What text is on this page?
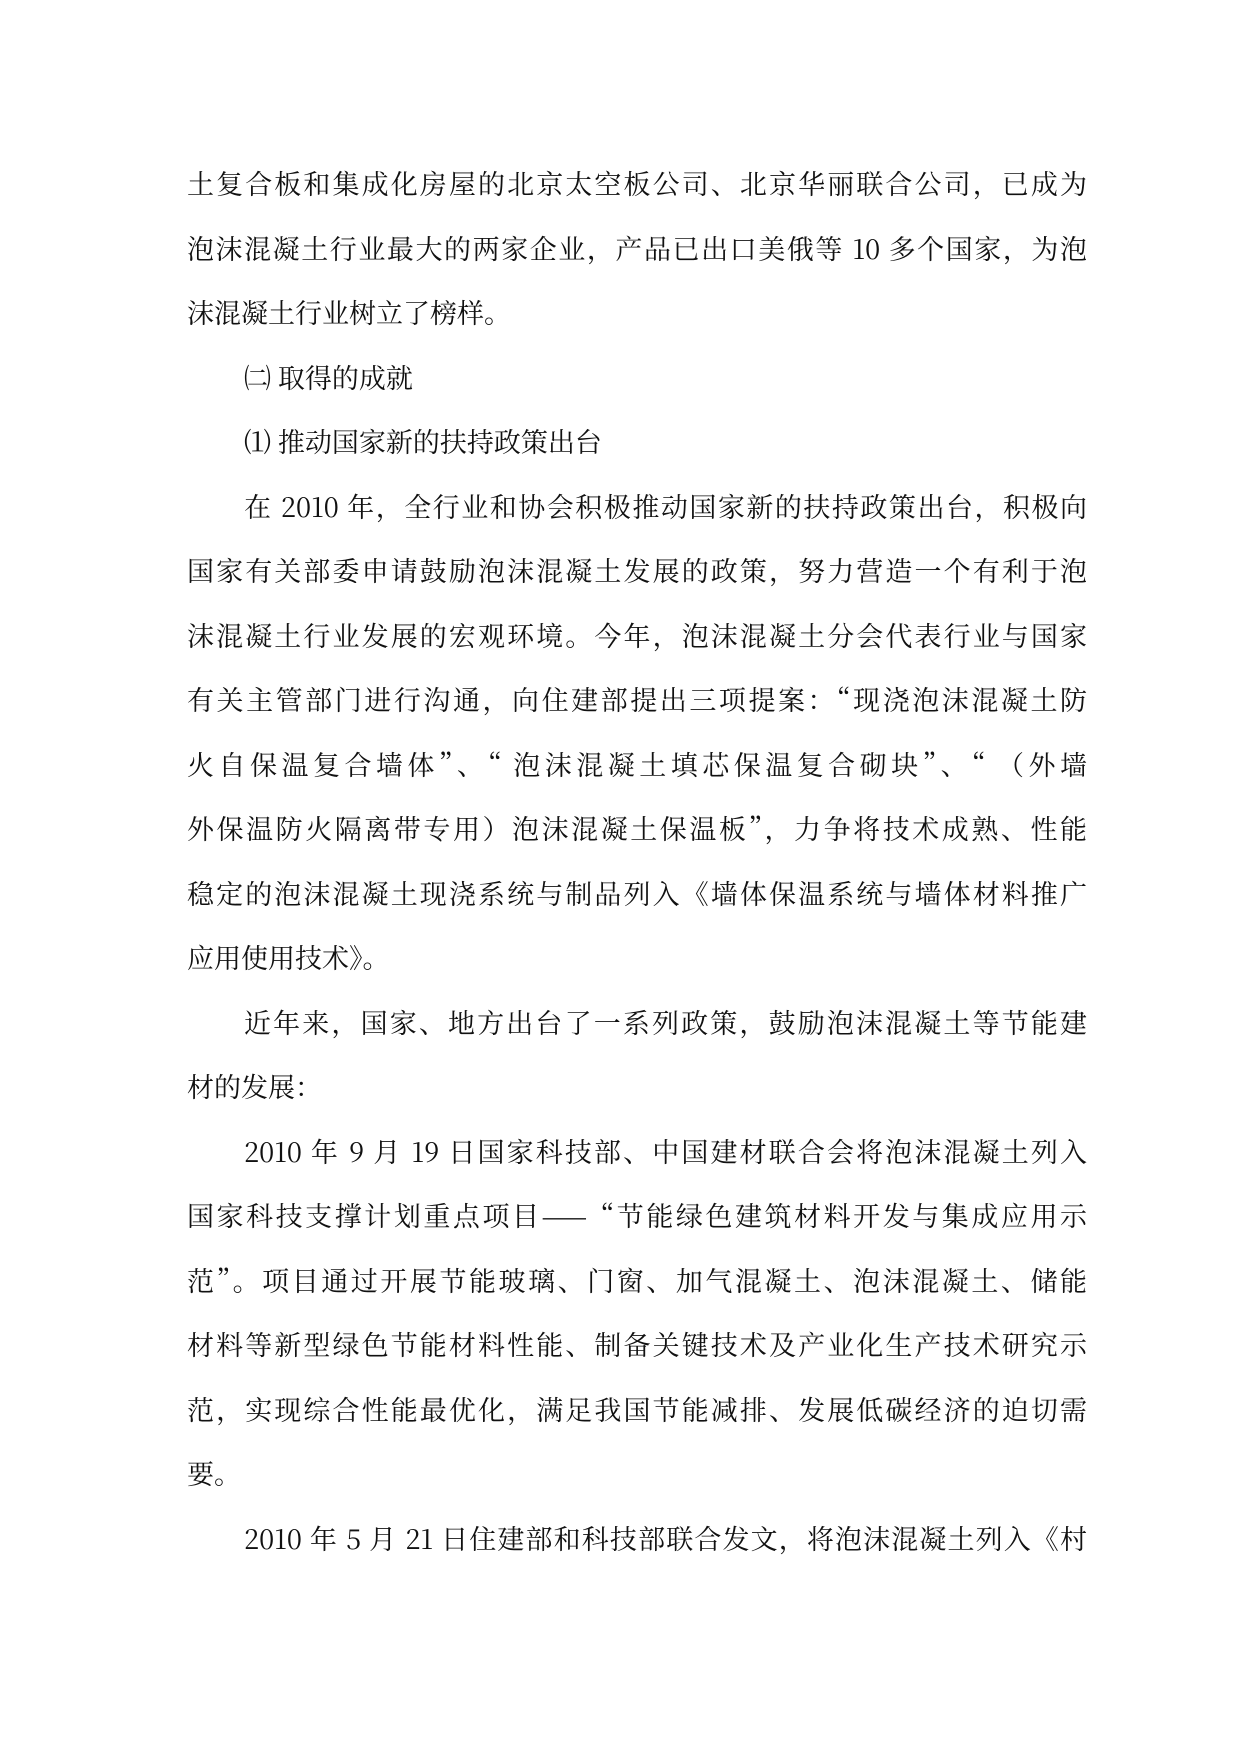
土复合板和集成化房屋的北京太空板公司、北京华丽联合公司，已成为
泡沫混凝土行业最大的两家企业，产品已出口美俄等 10 多个国家，为泡
沫混凝土行业树立了榜样。
㈡ 取得的成就
⑴ 推动国家新的扶持政策出台
在 2010 年，全行业和协会积极推动国家新的扶持政策出台，积极向
国家有关部委申请鼓励泡沫混凝土发展的政策，努力营造一个有利于泡
沫混凝土行业发展的宏观环境。今年，泡沫混凝土分会代表行业与国家
有关主管部门进行沟通，向住建部提出三项提案：“现浇泡沫混凝土防
火自保温复合墙体”、“ 泡沫混凝土填芯保温复合砌块”、“ （外墙
外保温防火隔离带专用）泡沫混凝土保温板”，力争将技术成熟、性能
稳定的泡沫混凝土现浇系统与制品列入《墙体保温系统与墙体材料推广
应用使用技术》。
近年来，国家、地方出台了一系列政策，鼓励泡沫混凝土等节能建
材的发展：
2010 年 9 月 19 日国家科技部、中国建材联合会将泡沫混凝土列入
国家科技支撑计划重点项目——“节能绿色建筑材料开发与集成应用示
范”。项目通过开展节能玻璃、门窗、加气混凝土、泡沫混凝土、储能
材料等新型绿色节能材料性能、制备关键技术及产业化生产技术研究示
范，实现综合性能最优化，满足我国节能减排、发展低碳经济的迫切需
要。
2010 年 5 月 21 日住建部和科技部联合发文，将泡沫混凝土列入《村
